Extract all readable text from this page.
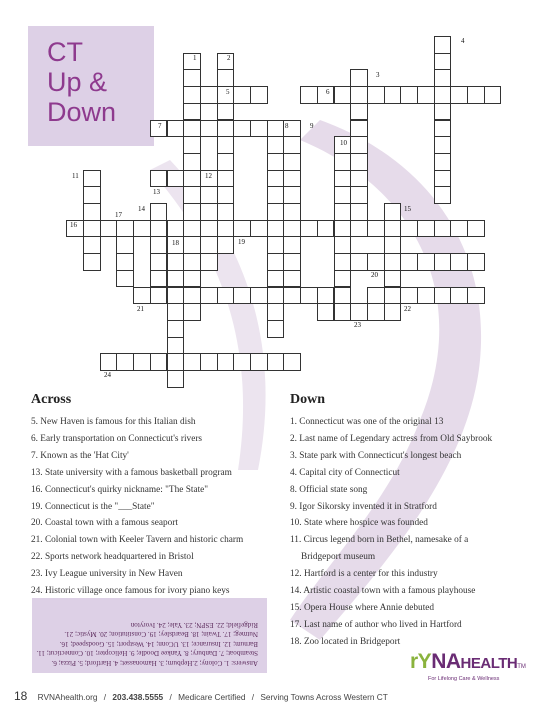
CT
Up &
Down
1	2
3
4
5	6
7	8	9
10
11	12
13
14	15
16
17
18	19
20
21	22
23
24
Across
5. New Haven is famous for this Italian dish
6. Early transportation on Connecticut's rivers
7. Known as the 'Hat City'
13. State university with a famous basketball program
16. Connecticut's quirky nickname: "The State"
19. Connecticut is the "___State"
20. Coastal town with a famous seaport
21. Colonial town with Keeler Tavern and historic charm
22. Sports network headquartered in Bristol
23. Ivy League university in New Haven
24. Historic village once famous for ivory piano keys
Down
1. Connecticut was one of the original 13
2. Last name of Legendary actress from Old Saybrook
3. State park with Connecticut's longest beach
4. Capital city of Connecticut
8. Official state song
9. Igor Sikorsky invented it in Stratford
10. State where hospice was founded
11. Circus legend born in Bethel, namesake of a
Bridgeport museum
12. Hartford is a center for this industry
14. Artistic coastal town with a famous playhouse
15. Opera House where Annie debuted
17. Last name of author who lived in Hartford
18. Zoo located in Bridgeport
Answers: 1. Colony; 2.Hepburn; 3. Hamonasset; 4. Hartford; 5. Pizza; 6. Steamboat; 7. Danbury; 8. Yankee Doodle; 9. Helicopter; 10. Connecticut; 11. Barnum; 12. Insurance; 13. UConn; 14. Westport; 15. Goodspeed; 16. Nutmeg; 17. Twain; 18. Beardsley; 19. Constitution; 20. Mystic; 21. Ridgefield; 22. ESPN; 23. Yale; 24. Ivoryton
rYNAHEALTHTM
For Lifelong Care & Wellness
18 RVNAhealth.org / 203.438.5555 / Medicare Certified / Serving Towns Across Western CT
